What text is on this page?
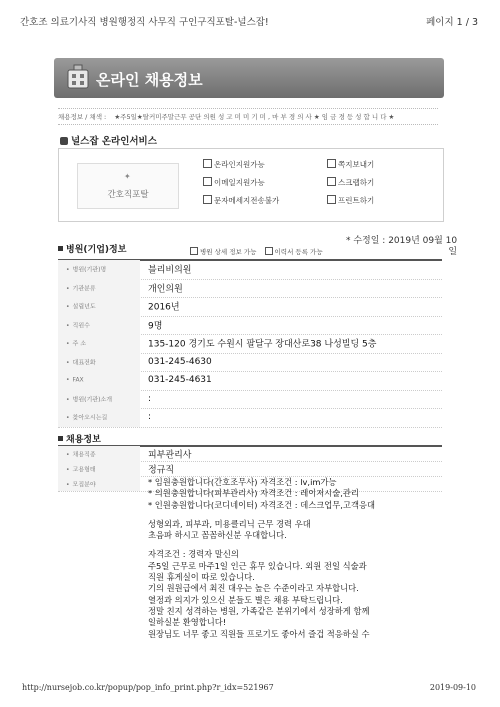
간호조 의료기사직 병원행정직 사무직 구인구직포탈-널스잡!	페이지 1 / 3
온라인 채용정보
채용정보 / 채색 : ★주5일★탈커미주말근무 공단 의원 성 고 미 미 기 미 , 마 부 경 의 사 ★ 임 금 경 등 성 합 니 다 ★
널스잡 온라인서비스
✦
간호직포탈
온라인지원가능
이메일지원가능
문자메세지전송불가
쪽지보내기
스크랩하기
프린트하기
병원(기업)정보	병원 상세 정보 가능	이력서 등록 가능
* 수정일 : 2019년 09월 10
일
• 병원(기관)명	블리비의원
• 기관분류	개인의원
• 설립년도	2016년
• 직원수	9명
• 주 소	135-120 경기도 수원시 팔달구 장대산로38 나성빌딩 5층
• 대표전화	031-245-4630
• FAX	031-245-4631
• 병원(기관)소개	:
• 찾아오시는길	:
채용정보
• 채용직종	피부관리사
• 고용형태	정규직
• 모집분야
*	임원충원합니다(간호조무사) 자격조건 : lv,im가능
* 의원충원합니다(피부관리사) 자격조건 : 레이저시술,관리
* 인원충원합니다(코디네이터) 자격조건 : 데스크업무,고객응대
성형외과, 피부과, 미용클리닉 근무 경력 우대
초음파 하시고 꼼꼼하신분 우대합니다.
자격조건 : 경력자 말신의
주5일 근무로 마주1일 인근 휴무 있습니다. 외원 전일 식술과
직원 휴게실이 따로 있습니다.
기의 원원급에서 최진 대우는 높은 수준이라고 자부합니다.
열정과 의지가 있으신 분들도 별은 채용 부탁드립니다.
정말 친지 성격하는 병원, 가족같은 분위기에서 성장하게 함께
일하실분 환영합니다!
원장님도 너무 좋고 직원들 프로기도 좋아서 즐겁 적응하실 수
http://nursejob.co.kr/popup/pop_info_print.php?r_idx=521967	2019-09-10
